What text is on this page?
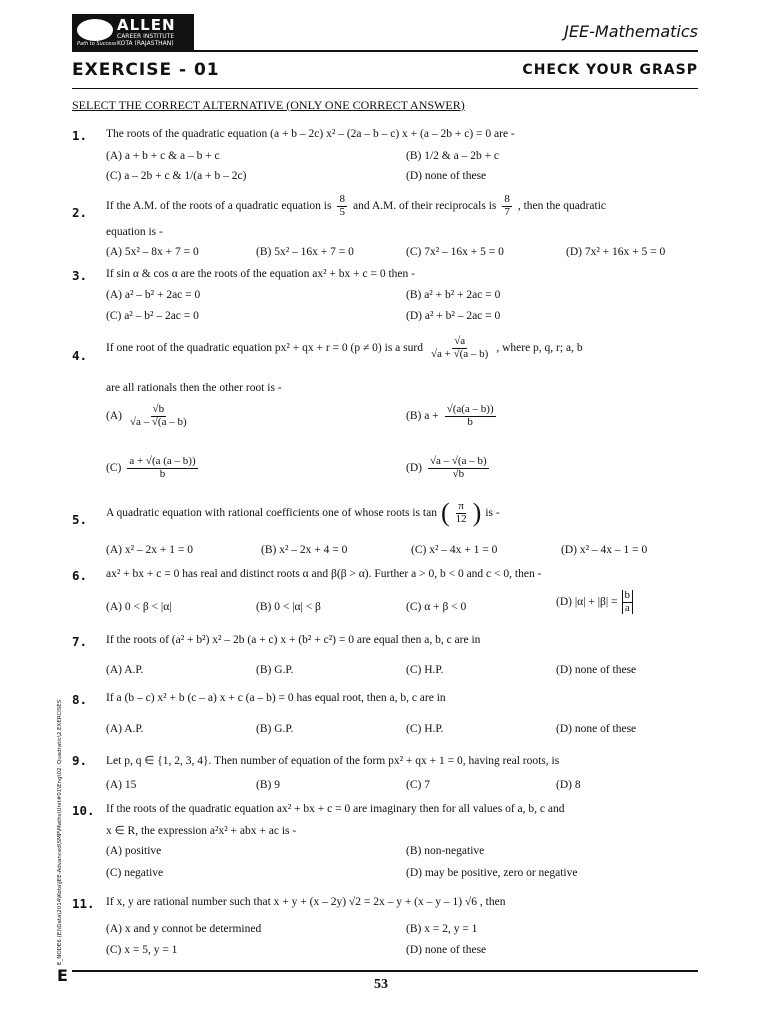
ALLEN
CAREER INSTITUTE
KOTA (RAJASTHAN)
Path to Success
JEE-Mathematics
EXERCISE - 01	CHECK YOUR GRASP
SELECT THE CORRECT ALTERNATIVE (ONLY ONE CORRECT ANSWER)
1. The roots of the quadratic equation (a + b – 2c) x² – (2a – b – c) x + (a – 2b + c) = 0 are -
(A) a + b + c & a – b + c	(B) 1/2 & a – 2b + c
(C) a – 2b + c & 1/(a + b – 2c)	(D) none of these
2. If the A.M. of the roots of a quadratic equation is $\frac{8}{5}$ and A.M. of their reciprocals is $\frac{8}{7}$ , then the quadratic
equation is -
(A) 5x² – 8x + 7 = 0	(B) 5x² – 16x + 7 = 0	(C) 7x² – 16x + 5 = 0	(D) 7x² + 16x + 5 = 0
3. If sin α & cos α are the roots of the equation ax² + bx + c = 0 then -
(A) a² – b² + 2ac = 0	(B) a² + b² + 2ac = 0
(C) a² – b² – 2ac = 0	(D) a² + b² – 2ac = 0
4. If one root of the quadratic equation px² + qx + r = 0 (p ≠ 0) is a surd $\frac{√a}{√a + √(a - b)}$ , where p, q, r; a, b
are all rationals then the other root is -
$(A) \frac{√b}{√a - √(a - b)}$	(B) $a + \frac{√(a(a - b))}{b}$
$(C) \frac{a + √(a (a - b))}{b}$	$(D) \frac{√a - √(a - b)}{√b}$
5. A quadratic equation with rational coefficients one of whose roots is tan ( $\frac{\pi}{12}$ ) is -
(A) x² – 2x + 1 = 0	(B) x² – 2x + 4 = 0	(C) x² – 4x + 1 = 0	(D) x² – 4x – 1 = 0
6. ax² + bx + c = 0 has real and distinct roots α and β(β > α). Further a > 0, b < 0 and c < 0, then -
(A) 0 < β < |α|	(B) 0 < |α| < β	(C) α + β < 0	(D) $|\alpha| + |\beta| = \frac{b}{a}$
7. If the roots of (a² + b²) x² – 2b (a + c) x + (b² + c²) = 0 are equal then a, b, c are in
(A) A.P.	(B) G.P.	(C) H.P.	(D) none of these
8. If a (b – c) x² + b (c – a) x + c (a – b) = 0 has equal root, then a, b, c are in
(A) A.P.	(B) G.P.	(C) H.P.	(D) none of these
9. Let p, q ∈ {1, 2, 3, 4}. Then number of equation of the form px² + qx + 1 = 0, having real roots, is
(A) 15	(B) 9	(C) 7	(D) 8
10. If the roots of the quadratic equation ax² + bx + c = 0 are imaginary then for all values of a, b, c and
x ∈ R, the expression a²x² + abx + ac is -
(A) positive	(B) non-negative
(C) negative	(D) may be positive, zero or negative
11. If x, y are rational number such that x + y + (x – 2y) √2 = 2x – y + (x – y – 1) √6 , then
(A) x and y connot be determined	(B) x = 2, y = 1
(C) x = 5, y = 1	(D) none of these
E_NODE6 (E)\Data\2014\Kota\JEE-Advanced\SMP\Maths\Unit#01\Eng\02. Quadratic\2.EXERCISES
E	53
